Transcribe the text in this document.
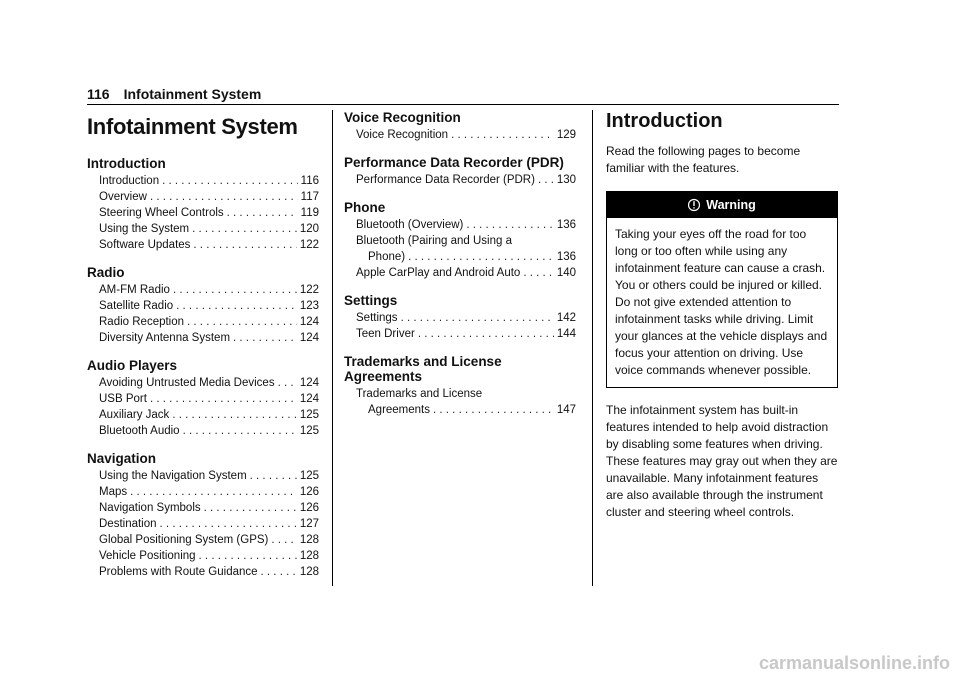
116 Infotainment System
Infotainment System
Introduction
Introduction . . .	116
Overview . . .	117
Steering Wheel Controls . . .	119
Using the System . . .	120
Software Updates . . .	122
Radio
AM-FM Radio . . .	122
Satellite Radio . . .	123
Radio Reception . . .	124
Diversity Antenna System . . .	124
Audio Players
Avoiding Untrusted Media Devices . . . 124
USB Port . . .	124
Auxiliary Jack . . .	125
Bluetooth Audio . . .	125
Navigation
Using the Navigation System . . .	125
Maps . . .	126
Navigation Symbols . . .	126
Destination . . .	127
Global Positioning System (GPS) . . .	128
Vehicle Positioning . . .	128
Problems with Route Guidance . . .	128
Voice Recognition
Voice Recognition . . .	129
Performance Data Recorder (PDR)
Performance Data Recorder (PDR) . . . 130
Phone
Bluetooth (Overview) . . .	136
Bluetooth (Pairing and Using a
Phone) . . .	136
Apple CarPlay and Android Auto . . .	140
Settings
Settings . . .	142
Teen Driver . . .	144
Trademarks and License Agreements
Trademarks and License
Agreements . . .	147
Introduction

Read the following pages to become familiar with the features.

Warning
Taking your eyes off the road for too long or too often while using any infotainment feature can cause a crash. You or others could be injured or killed. Do not give extended attention to infotainment tasks while driving. Limit your glances at the vehicle displays and focus your attention on driving. Use voice commands whenever possible.

The infotainment system has built-in features intended to help avoid distraction by disabling some features when driving. These features may gray out when they are unavailable. Many infotainment features are also available through the instrument cluster and steering wheel controls.

carmanualsonline.info
